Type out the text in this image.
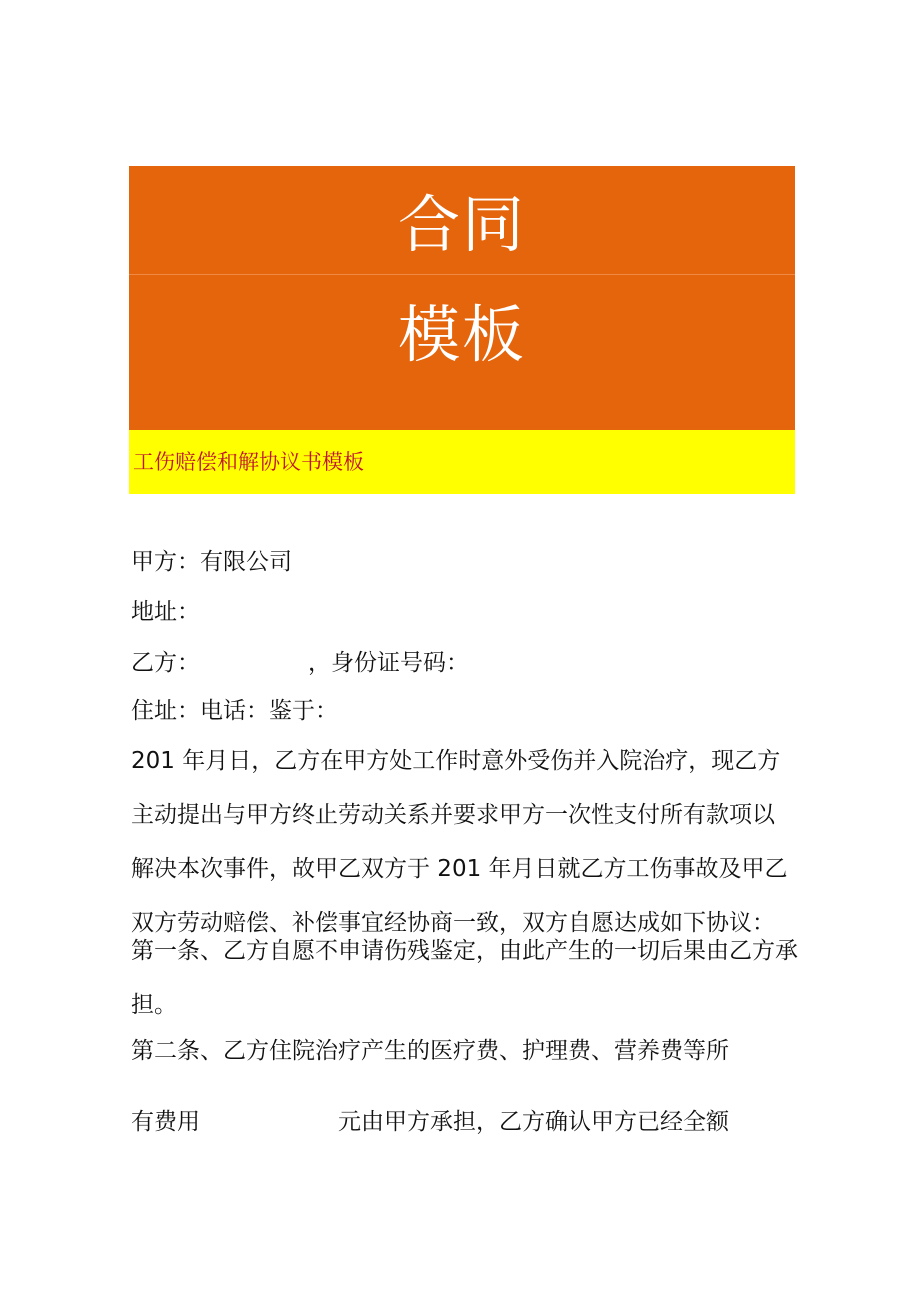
合同
模板
工伤赔偿和解协议书模板
甲方：有限公司
地址：
乙方：	，身份证号码：
住址：电话：鉴于：
201 年月日，乙方在甲方处工作时意外受伤并入院治疗，现乙方
主动提出与甲方终止劳动关系并要求甲方一次性支付所有款项以
解决本次事件，故甲乙双方于 201 年月日就乙方工伤事故及甲乙
双方劳动赔偿、补偿事宜经协商一致，双方自愿达成如下协议：
第一条、乙方自愿不申请伤残鉴定，由此产生的一切后果由乙方承
担。
第二条、乙方住院治疗产生的医疗费、护理费、营养费等所
有费用	元由甲方承担，乙方确认甲方已经全额
